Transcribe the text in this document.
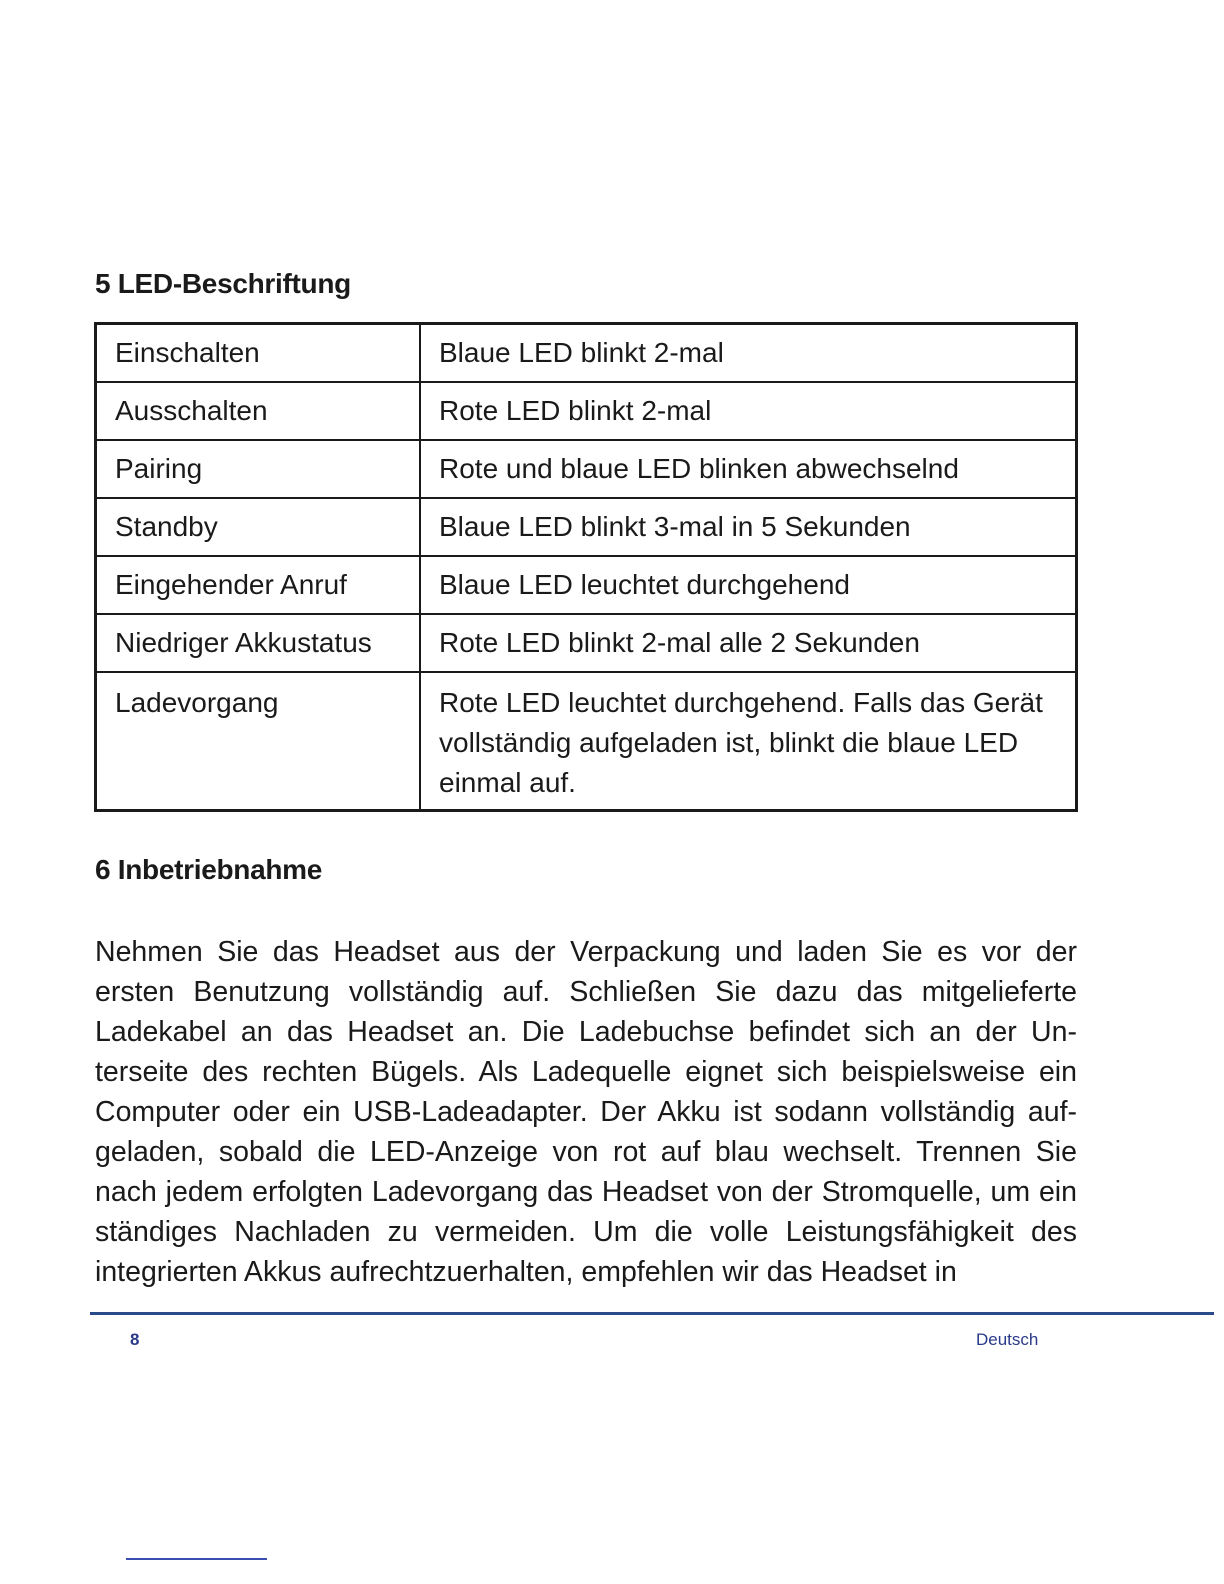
5 LED-Beschriftung
Einschalten	Blaue LED blinkt 2-mal
Ausschalten	Rote LED blinkt 2-mal
Pairing	Rote und blaue LED blinken abwechselnd
Standby	Blaue LED blinkt 3-mal in 5 Sekunden
Eingehender Anruf	Blaue LED leuchtet durchgehend
Niedriger Akkustatus	Rote LED blinkt 2-mal alle 2 Sekunden
Ladevorgang	Rote LED leuchtet durchgehend. Falls das Gerät vollständig aufgeladen ist, blinkt die blaue LED einmal auf.
6 Inbetriebnahme

Nehmen Sie das Headset aus der Verpackung und laden Sie es vor der ersten Benutzung vollständig auf. Schließen Sie dazu das mitgelieferte Ladekabel an das Headset an. Die Ladebuchse befindet sich an der Unterseite des rechten Bügels. Als Ladequelle eignet sich beispielsweise ein Computer oder ein USB-Ladeadapter. Der Akku ist sodann vollständig aufgeladen, sobald die LED-Anzeige von rot auf blau wechselt. Trennen Sie nach jedem erfolgten Ladevorgang das Headset von der Stromquelle, um ein ständiges Nachladen zu vermeiden. Um die volle Leistungsfähigkeit des integrierten Akkus aufrechtzuerhalten, empfehlen wir das Headset in

8	Deutsch
